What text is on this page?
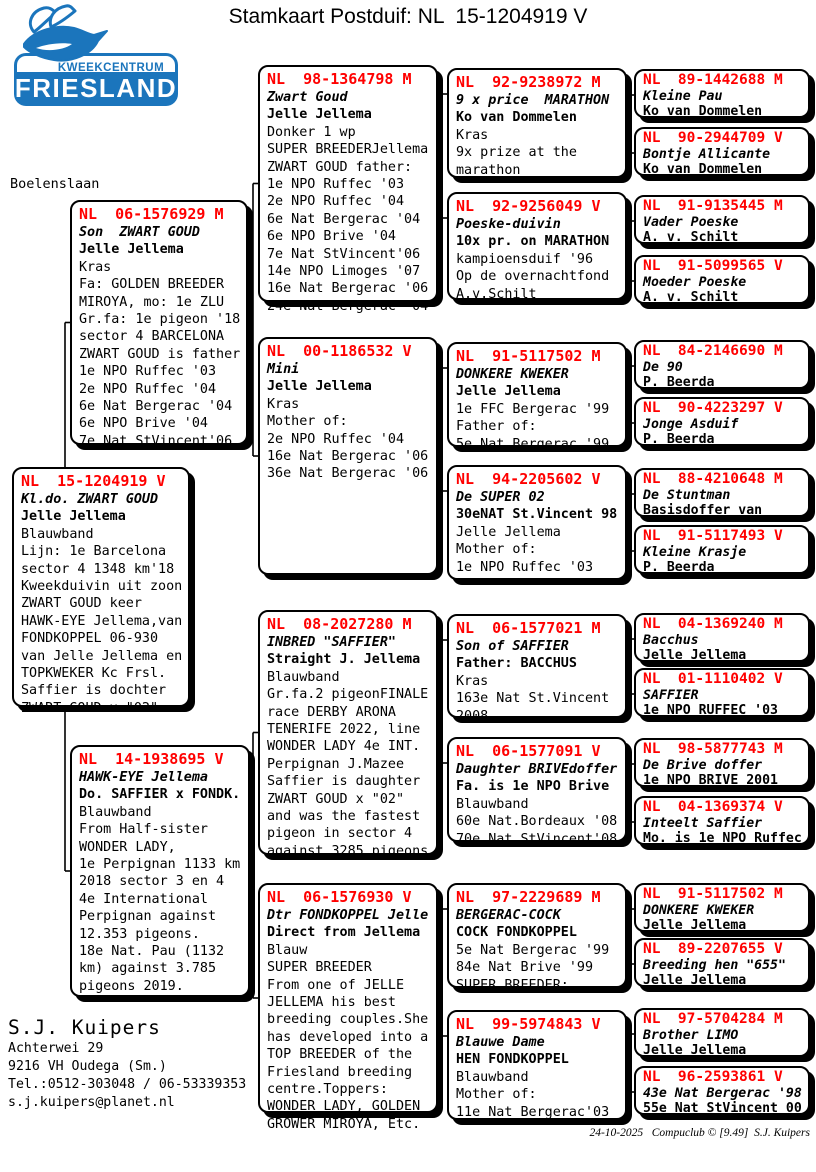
Stamkaart Postduif: NL  15-1204919 V
KWEEKCENTRUM
FRIESLAND
Boelenslaan
NL  15-1204919 V
Kl.do. ZWART GOUD
Jelle Jellema
Blauwband
Lijn: 1e Barcelona
sector 4 1348 km'18
Kweekduivin uit zoon
ZWART GOUD keer
HAWK-EYE Jellema,van
FONDKOPPEL 06-930
van Jelle Jellema en
TOPKWEKER Kc Frsl.
Saffier is dochter
ZWART GOUD x "02"
NL  06-1576929 M
Son  ZWART GOUD
Jelle Jellema
Kras
Fa: GOLDEN BREEDER
MIROYA, mo: 1e ZLU
Gr.fa: 1e pigeon '18
sector 4 BARCELONA
ZWART GOUD is father
1e NPO Ruffec '03
2e NPO Ruffec '04
6e Nat Bergerac '04
6e NPO Brive '04
7e Nat StVincent'06
NL  14-1938695 V
HAWK-EYE Jellema
Do. SAFFIER x FONDK.
Blauwband
From Half-sister
WONDER LADY,
1e Perpignan 1133 km
2018 sector 3 en 4
4e International
Perpignan against
12.353 pigeons.
18e Nat. Pau (1132
km) against 3.785
pigeons 2019.
NL  98-1364798 M
Zwart Goud
Jelle Jellema
Donker 1 wp
SUPER BREEDERJellema
ZWART GOUD father:
1e NPO Ruffec '03
2e NPO Ruffec '04
6e Nat Bergerac '04
6e NPO Brive '04
7e Nat StVincent'06
14e NPO Limoges '07
16e Nat Bergerac '06
24e Nat Bergerac '04
NL  00-1186532 V
Mini
Jelle Jellema
Kras
Mother of:
2e NPO Ruffec '04
16e Nat Bergerac '06
36e Nat Bergerac '06
NL  08-2027280 M
INBRED "SAFFIER"
Straight J. Jellema
Blauwband
Gr.fa.2 pigeonFINALE
race DERBY ARONA
TENERIFE 2022, line
WONDER LADY 4e INT.
Perpignan J.Mazee
Saffier is daughter
ZWART GOUD x "02"
and was the fastest
pigeon in sector 4
against 3285 pigeons
NL  06-1576930 V
Dtr FONDKOPPEL Jelle
Direct from Jellema
Blauw
SUPER BREEDER
From one of JELLE
JELLEMA his best
breeding couples.She
has developed into a
TOP BREEDER of the
Friesland breeding
centre.Toppers:
WONDER LADY, GOLDEN
GROWER MIROYA, Etc.
NL  92-9238972 M
9 x price  MARATHON
Ko van Dommelen
Kras
9x prize at the
marathon
NL  92-9256049 V
Poeske-duivin
10x pr. on MARATHON
kampioensduif '96
Op de overnachtfond
A.v.Schilt
NL  91-5117502 M
DONKERE KWEKER
Jelle Jellema
1e FFC Bergerac '99
Father of:
5e Nat Bergerac '99
NL  94-2205602 V
De SUPER 02
30eNAT St.Vincent 98
Jelle Jellema
Mother of:
1e NPO Ruffec '03
NL  06-1577021 M
Son of SAFFIER
Father: BACCHUS
Kras
163e Nat St.Vincent
2008.
NL  06-1577091 V
Daughter BRIVEdoffer
Fa. is 1e NPO Brive
Blauwband
60e Nat.Bordeaux '08
70e Nat.StVincent'08
NL  97-2229689 M
BERGERAC-COCK
COCK FONDKOPPEL
5e Nat Bergerac '99
84e Nat Brive '99
SUPER BREEDER:
NL  99-5974843 V
Blauwe Dame
HEN FONDKOPPEL
Blauwband
Mother of:
11e Nat Bergerac'03
NL  89-1442688 M
Kleine Pau
Ko van Dommelen
NL  90-2944709 V
Bontje Allicante
Ko van Dommelen
NL  91-9135445 M
Vader Poeske
A. v. Schilt
NL  91-5099565 V
Moeder Poeske
A. v. Schilt
NL  84-2146690 M
De 90
P. Beerda
NL  90-4223297 V
Jonge Asduif
P. Beerda
NL  88-4210648 M
De Stuntman
Basisdoffer van
NL  91-5117493 V
Kleine Krasje
P. Beerda
NL  04-1369240 M
Bacchus
Jelle Jellema
NL  01-1110402 V
SAFFIER
1e NPO RUFFEC '03
NL  98-5877743 M
De Brive doffer
1e NPO BRIVE 2001
NL  04-1369374 V
Inteelt Saffier
Mo. is 1e NPO Ruffec
NL  91-5117502 M
DONKERE KWEKER
Jelle Jellema
NL  89-2207655 V
Breeding hen "655"
Jelle Jellema
NL  97-5704284 M
Brother LIMO
Jelle Jellema
NL  96-2593861 V
43e Nat Bergerac '98
55e Nat StVincent 00
S.J. Kuipers
Achterwei 29
9216 VH Oudega (Sm.)
Tel.:0512-303048 / 06-53339353
s.j.kuipers@planet.nl
24-10-2025   Compuclub © [9.49]  S.J. Kuipers
